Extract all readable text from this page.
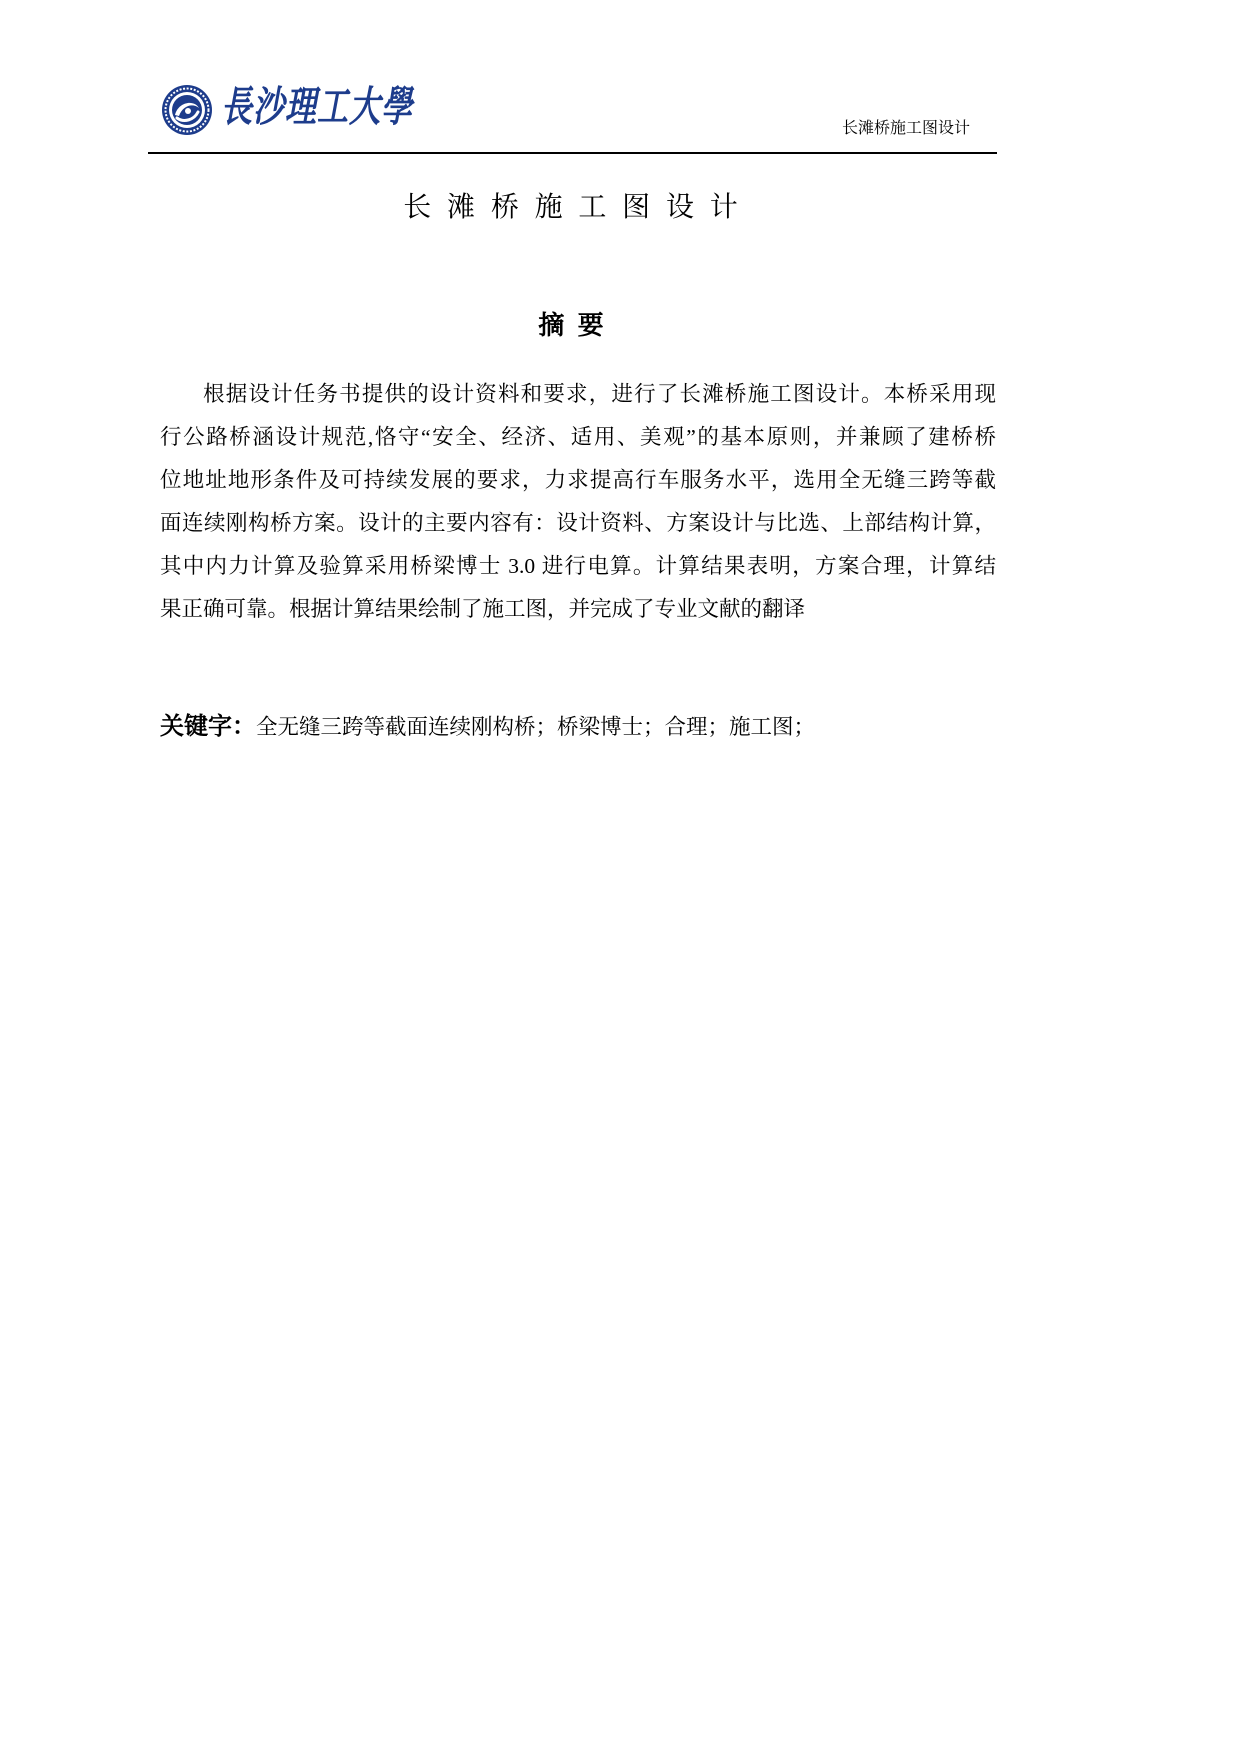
長沙理工大學	长滩桥施工图设计
长 滩 桥 施 工 图 设 计
摘 要
根据设计任务书提供的设计资料和要求，进行了长滩桥施工图设计。本桥采用现
行公路桥涵设计规范,恪守“安全、经济、适用、美观”的基本原则，并兼顾了建桥桥
位地址地形条件及可持续发展的要求，力求提高行车服务水平，选用全无缝三跨等截
面连续刚构桥方案。设计的主要内容有：设计资料、方案设计与比选、上部结构计算，
其中内力计算及验算采用桥梁博士 3.0 进行电算。计算结果表明，方案合理，计算结
果正确可靠。根据计算结果绘制了施工图，并完成了专业文献的翻译
关键字：全无缝三跨等截面连续刚构桥；桥梁博士；合理；施工图；
